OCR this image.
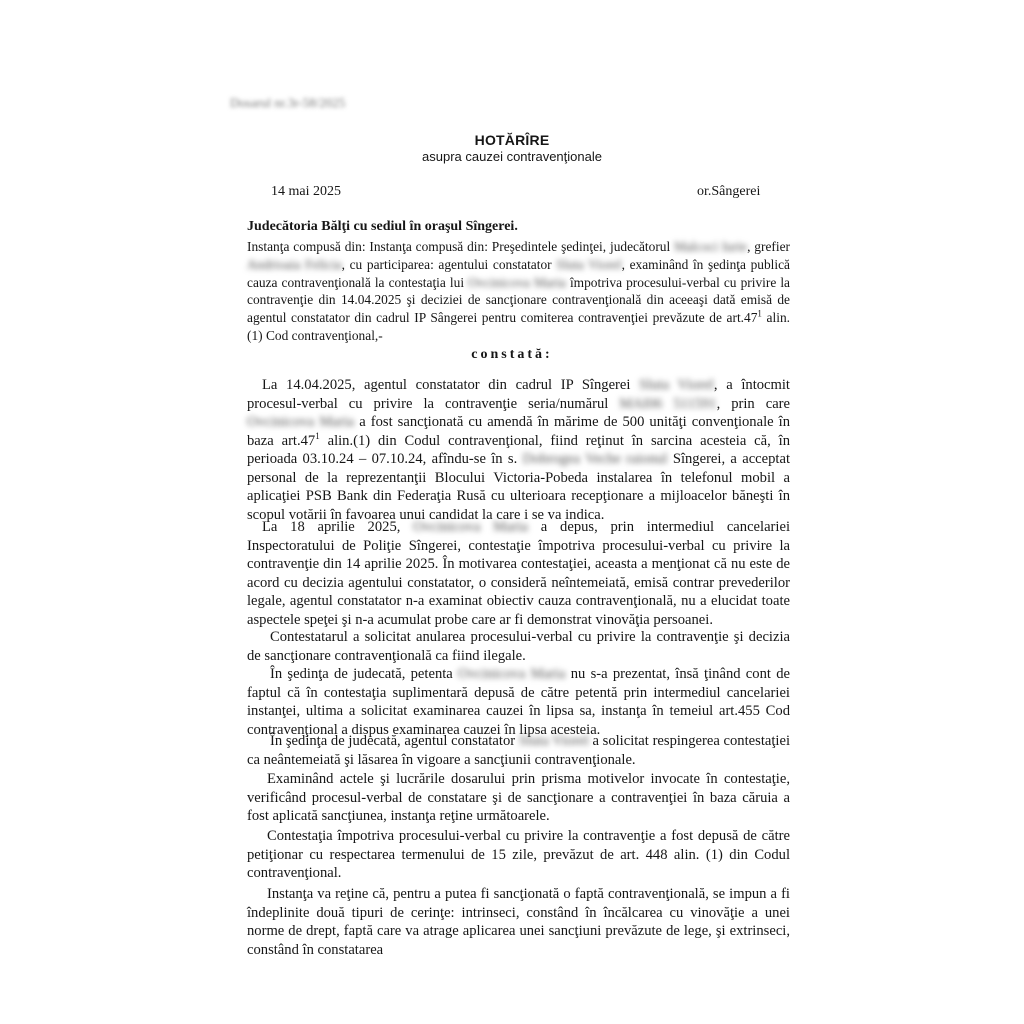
Dosarul nr.3r-58/2025
HOTĂRÎRE
asupra cauzei contravenţionale
14 mai 2025	or.Sângerei
Judecătoria Bălţi cu sediul în oraşul Sîngerei.
Instanţa compusă din: Instanţa compusă din: Preşedintele şedinţei, judecătorul Malcoci Iurie, grefier Andrioaia Felicia, cu participarea: agentului constatator Sluta Viorel, examinând în şedinţa publică cauza contravenţională la contestaţia lui Ovcinicova Maria împotriva procesului-verbal cu privire la contravenţie din 14.04.2025 şi deciziei de sancţionare contravenţională din aceeaşi dată emisă de agentul constatator din cadrul IP Sângerei pentru comiterea contravenţiei prevăzute de $art.47^1$ alin.(1) Cod contravenţional,-
constată:
La 14.04.2025, agentul constatator din cadrul IP Sîngerei Sluta Viorel, a întocmit procesul-verbal cu privire la contravenţie seria/numărul MAI06 511591, prin care Ovcinicova Maria a fost sancţionată cu amendă în mărime de 500 unităţi convenţionale în baza $art.47^1$ alin.(1) din Codul contravenţional, fiind reţinut în sarcina acesteia că, în perioada 03.10.24 – 07.10.24, afîndu-se în s. Dobrogea Veche raionul Sîngerei, a acceptat personal de la reprezentanţii Blocului Victoria-Pobeda instalarea în telefonul mobil a aplicaţiei PSB Bank din Federaţia Rusă cu ulterioara recepţionare a mijloacelor băneşti în scopul votării în favoarea unui candidat la care i se va indica.
La 18 aprilie 2025, Ovcinicova Maria a depus, prin intermediul cancelariei Inspectoratului de Poliţie Sîngerei, contestaţie împotriva procesului-verbal cu privire la contravenţie din 14 aprilie 2025. În motivarea contestaţiei, aceasta a menţionat că nu este de acord cu decizia agentului constatator, o consideră neîntemeiată, emisă contrar prevederilor legale, agentul constatator n-a examinat obiectiv cauza contravenţională, nu a elucidat toate aspectele speţei şi n-a acumulat probe care ar fi demonstrat vinovăţia persoanei.
Contestatarul a solicitat anularea procesului-verbal cu privire la contravenţie şi decizia de sancţionare contravenţională ca fiind ilegale.
În şedinţa de judecată, petenta Ovcinicova Maria nu s-a prezentat, însă ţinând cont de faptul că în contestaţia suplimentară depusă de către petentă prin intermediul cancelariei instanţei, ultima a solicitat examinarea cauzei în lipsa sa, instanţa în temeiul art.455 Cod contravenţional a dispus examinarea cauzei în lipsa acesteia.
În şedinţa de judecată, agentul constatator Sluta Viorel a solicitat respingerea contestaţiei ca neântemeiată şi lăsarea în vigoare a sancţiunii contravenţionale.
Examinând actele şi lucrările dosarului prin prisma motivelor invocate în contestaţie, verificând procesul-verbal de constatare şi de sancţionare a contravenţiei în baza căruia a fost aplicată sancţiunea, instanţa reţine următoarele.
Contestaţia împotriva procesului-verbal cu privire la contravenţie a fost depusă de către petiţionar cu respectarea termenului de 15 zile, prevăzut de art. 448 alin. (1) din Codul contravenţional.
Instanţa va reţine că, pentru a putea fi sancţionată o faptă contravenţională, se impun a fi îndeplinite două tipuri de cerinţe: intrinseci, constând în încălcarea cu vinovăţie a unei norme de drept, faptă care va atrage aplicarea unei sancţiuni prevăzute de lege, şi extrinseci, constând în constatarea
